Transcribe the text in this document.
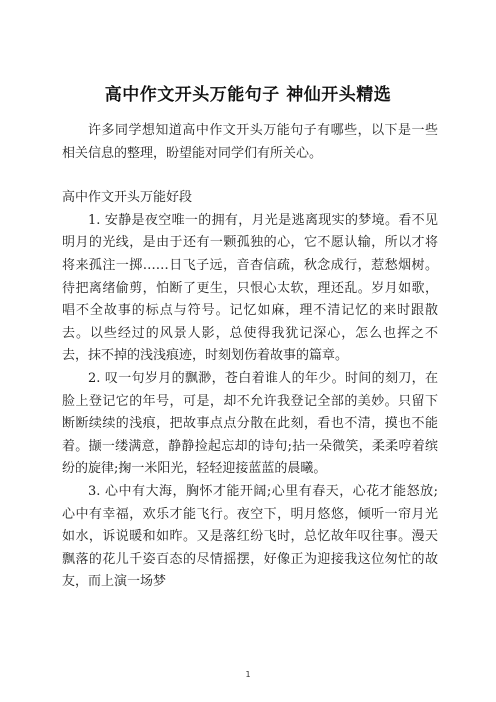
高中作文开头万能句子 神仙开头精选

许多同学想知道高中作文开头万能句子有哪些，以下是一些相关信息的整理，盼望能对同学们有所关心。

高中作文开头万能好段

1. 安静是夜空唯一的拥有，月光是逃离现实的梦境。看不见明月的光线，是由于还有一颗孤独的心，它不愿认输，所以才将将来孤注一掷……日飞子远，音杳信疏，秋念成行，惹愁烟树。待把离绪偷剪，怕断了更生，只恨心太软，理还乱。岁月如歌，唱不全故事的标点与符号。记忆如麻，理不清记忆的来时跟散去。以些经过的风景人影，总使得我犹记深心，怎么也挥之不去，抹不掉的浅浅痕迹，时刻划伤着故事的篇章。

2. 叹一句岁月的飘渺，苍白着谁人的年少。时间的刻刀，在脸上登记它的年号，可是，却不允许我登记全部的美妙。只留下断断续续的浅痕，把故事点点分散在此刻，看也不清，摸也不能着。撷一缕满意，静静捡起忘却的诗句;拈一朵微笑，柔柔哼着缤纷的旋律;掬一米阳光，轻轻迎接蓝蓝的晨曦。

3. 心中有大海，胸怀才能开阔;心里有春天，心花才能怒放;心中有幸福，欢乐才能飞行。夜空下，明月悠悠，倾听一帘月光如水，诉说暖和如昨。又是落红纷飞时，总忆故年叹往事。漫天飘落的花儿千姿百态的尽情摇摆，好像正为迎接我这位匆忙的故友，而上演一场梦

1
